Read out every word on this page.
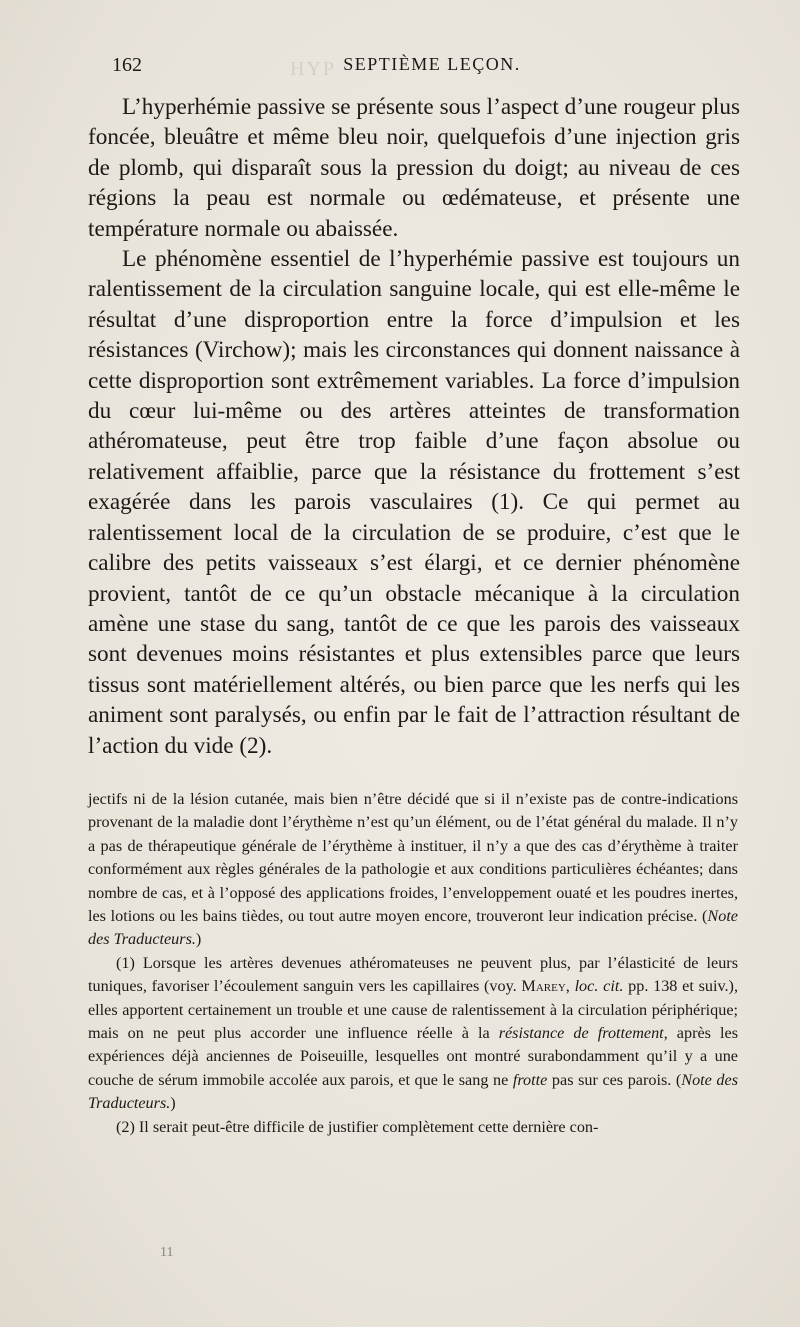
HYP
162	SEPTIÈME LEÇON.

L’hyperhémie passive se présente sous l’aspect d’une rougeur plus foncée, bleuâtre et même bleu noir, quelquefois d’une injection gris de plomb, qui disparaît sous la pression du doigt; au niveau de ces régions la peau est normale ou œdémateuse, et présente une température normale ou abaissée.

Le phénomène essentiel de l’hyperhémie passive est toujours un ralentissement de la circulation sanguine locale, qui est elle-même le résultat d’une disproportion entre la force d’impulsion et les résistances (Virchow); mais les circonstances qui donnent naissance à cette disproportion sont extrêmement variables. La force d’impulsion du cœur lui-même ou des artères atteintes de transformation athéromateuse, peut être trop faible d’une façon absolue ou relativement affaiblie, parce que la résistance du frottement s’est exagérée dans les parois vasculaires (1). Ce qui permet au ralentissement local de la circulation de se produire, c’est que le calibre des petits vaisseaux s’est élargi, et ce dernier phénomène provient, tantôt de ce qu’un obstacle mécanique à la circulation amène une stase du sang, tantôt de ce que les parois des vaisseaux sont devenues moins résistantes et plus extensibles parce que leurs tissus sont matériellement altérés, ou bien parce que les nerfs qui les animent sont paralysés, ou enfin par le fait de l’attraction résultant de l’action du vide (2).

jectifs ni de la lésion cutanée, mais bien n’être décidé que si il n’existe pas de contre-indications provenant de la maladie dont l’érythème n’est qu’un élément, ou de l’état général du malade. Il n’y a pas de thérapeutique générale de l’érythème à instituer, il n’y a que des cas d’érythème à traiter conformément aux règles générales de la pathologie et aux conditions particulières échéantes; dans nombre de cas, et à l’opposé des applications froides, l’enveloppement ouaté et les poudres inertes, les lotions ou les bains tièdes, ou tout autre moyen encore, trouveront leur indication précise. (Note des Traducteurs.)

(1) Lorsque les artères devenues athéromateuses ne peuvent plus, par l’élasticité de leurs tuniques, favoriser l’écoulement sanguin vers les capillaires (voy. Marey, loc. cit. pp. 138 et suiv.), elles apportent certainement un trouble et une cause de ralentissement à la circulation périphérique; mais on ne peut plus accorder une influence réelle à la résistance de frottement, après les expériences déjà anciennes de Poiseuille, lesquelles ont montré surabondamment qu’il y a une couche de sérum immobile accolée aux parois, et que le sang ne frotte pas sur ces parois. (Note des Traducteurs.)

(2) Il serait peut-être difficile de justifier complètement cette dernière con-

11
